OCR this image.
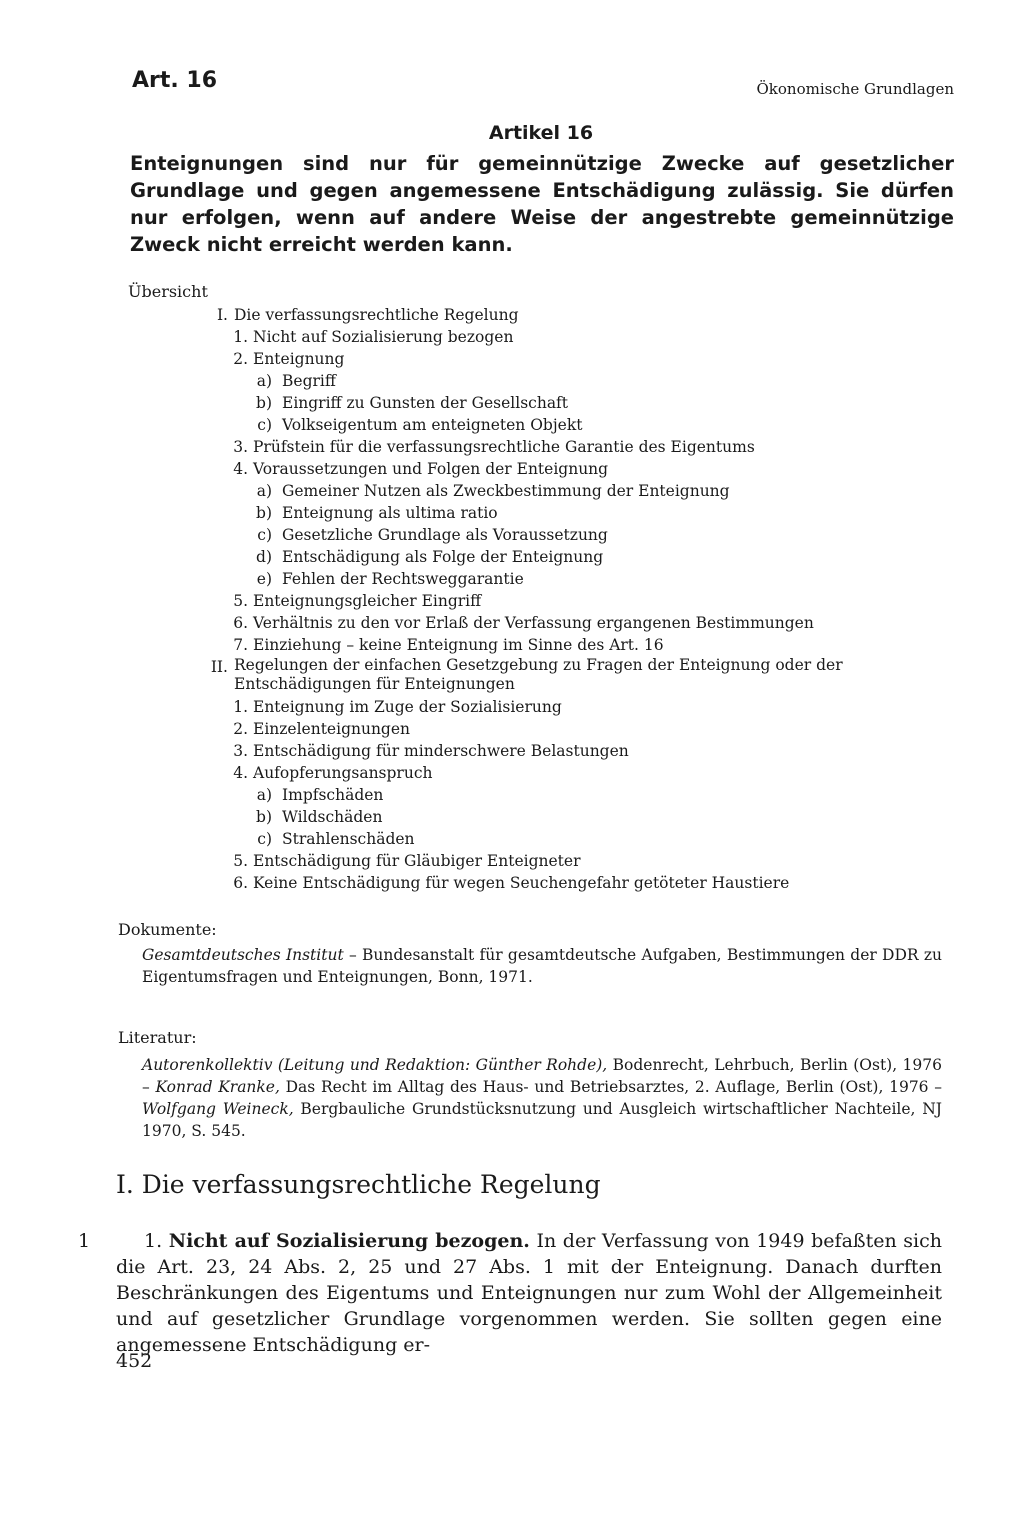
Art. 16	Ökonomische Grundlagen
Artikel 16
Enteignungen sind nur für gemeinnützige Zwecke auf gesetzlicher Grundlage und gegen angemessene Entschädigung zulässig. Sie dürfen nur erfolgen, wenn auf andere Weise der angestrebte gemeinnützige Zweck nicht erreicht werden kann.
Übersicht
I. Die verfassungsrechtliche Regelung
1. Nicht auf Sozialisierung bezogen
2. Enteignung
a) Begriff
b) Eingriff zu Gunsten der Gesellschaft
c) Volkseigentum am enteigneten Objekt
3. Prüfstein für die verfassungsrechtliche Garantie des Eigentums
4. Voraussetzungen und Folgen der Enteignung
a) Gemeiner Nutzen als Zweckbestimmung der Enteignung
b) Enteignung als ultima ratio
c) Gesetzliche Grundlage als Voraussetzung
d) Entschädigung als Folge der Enteignung
e) Fehlen der Rechtsweggarantie
5. Enteignungsgleicher Eingriff
6. Verhältnis zu den vor Erlaß der Verfassung ergangenen Bestimmungen
7. Einziehung – keine Enteignung im Sinne des Art. 16
II. Regelungen der einfachen Gesetzgebung zu Fragen der Enteignung oder der Entschädigungen für Enteignungen
1. Enteignung im Zuge der Sozialisierung
2. Einzelenteignungen
3. Entschädigung für minderschwere Belastungen
4. Aufopferungsanspruch
a) Impfschäden
b) Wildschäden
c) Strahlenschäden
5. Entschädigung für Gläubiger Enteigneter
6. Keine Entschädigung für wegen Seuchengefahr getöteter Haustiere
Dokumente:
Gesamtdeutsches Institut – Bundesanstalt für gesamtdeutsche Aufgaben, Bestimmungen der DDR zu Eigentumsfragen und Enteignungen, Bonn, 1971.
Literatur:
Autorenkollektiv (Leitung und Redaktion: Günther Rohde), Bodenrecht, Lehrbuch, Berlin (Ost), 1976 – Konrad Kranke, Das Recht im Alltag des Haus- und Betriebsarztes, 2. Auflage, Berlin (Ost), 1976 – Wolfgang Weineck, Bergbauliche Grundstücksnutzung und Ausgleich wirtschaftlicher Nachteile, NJ 1970, S. 545.
I. Die verfassungsrechtliche Regelung
1	1. Nicht auf Sozialisierung bezogen. In der Verfassung von 1949 befaßten sich die Art. 23, 24 Abs. 2, 25 und 27 Abs. 1 mit der Enteignung. Danach durften Beschränkungen des Eigentums und Enteignungen nur zum Wohl der Allgemeinheit und auf gesetzlicher Grundlage vorgenommen werden. Sie sollten gegen eine angemessene Entschädigung er-
452
